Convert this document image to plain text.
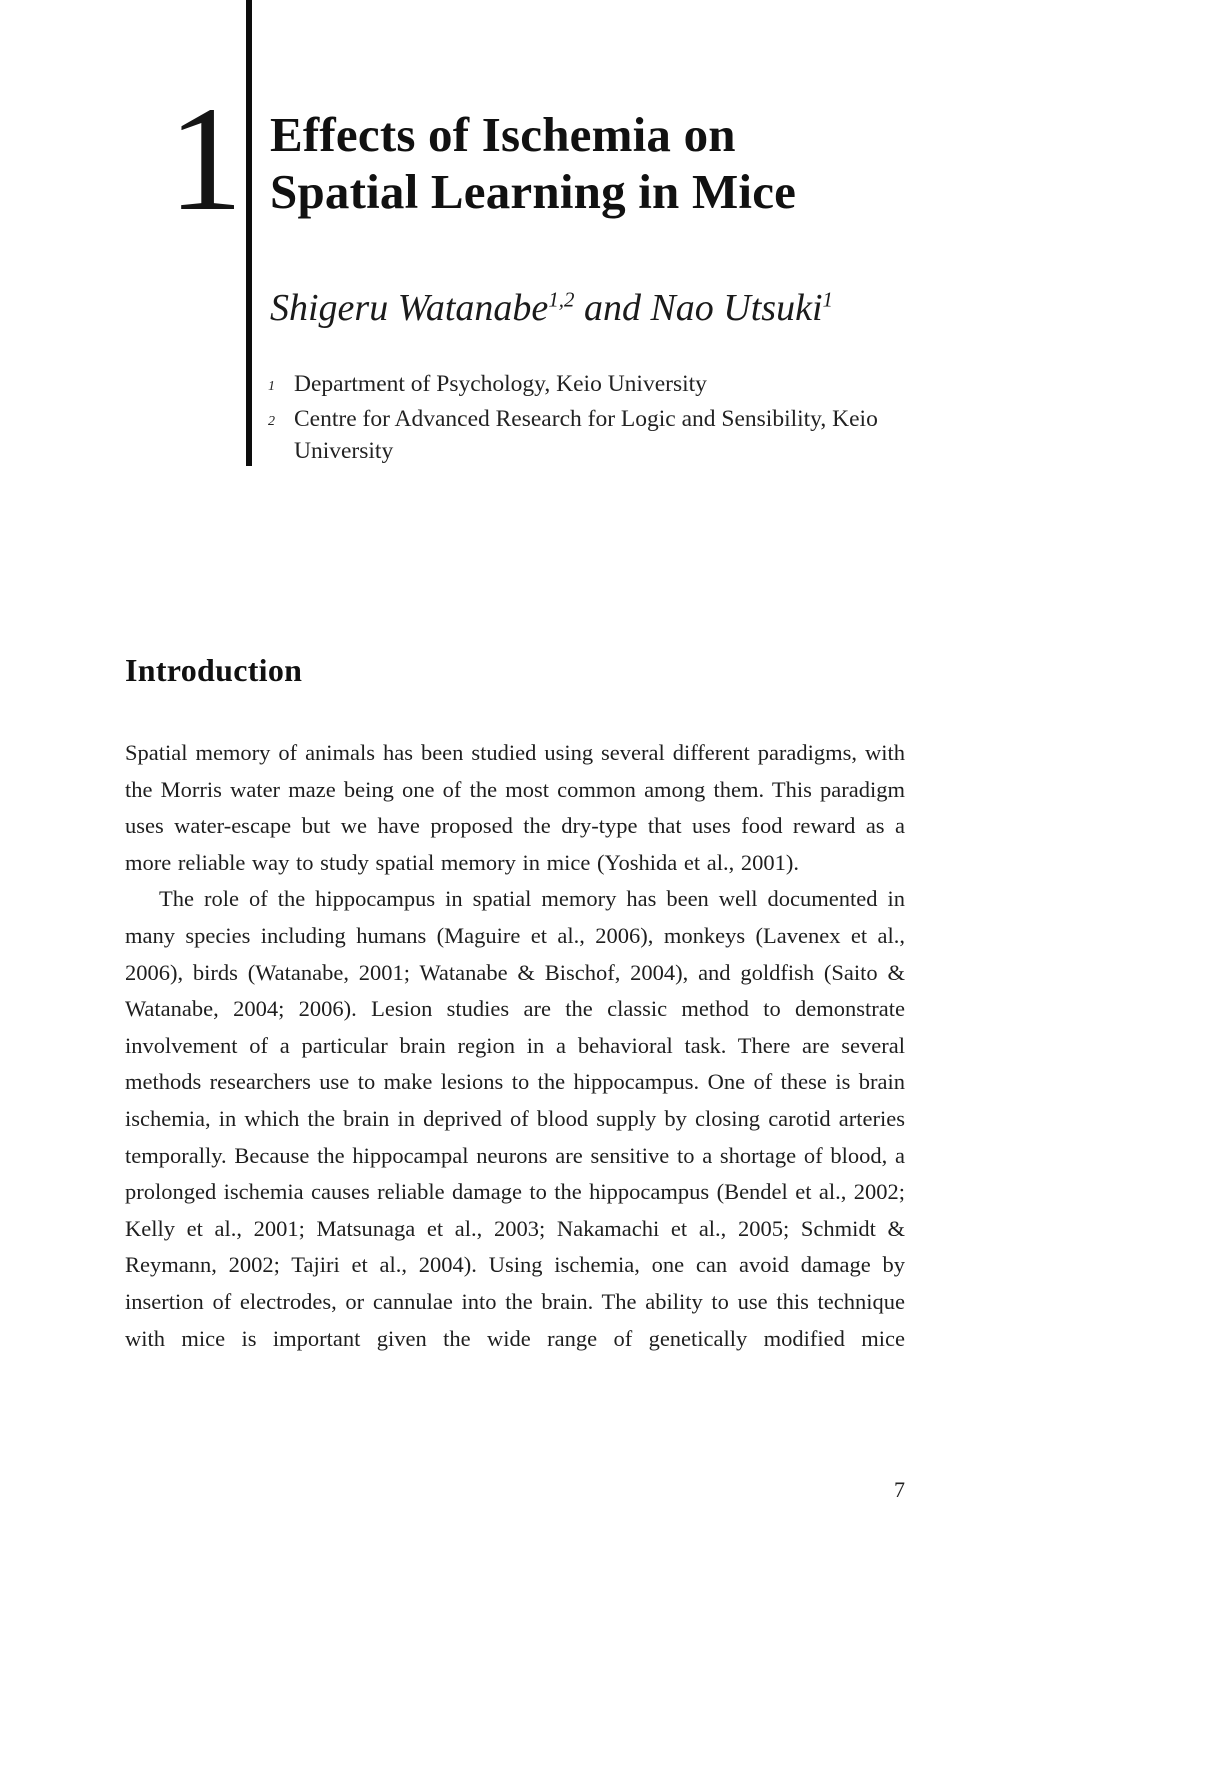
1 Effects of Ischemia on
Spatial Learning in Mice
Shigeru Watanabe$^{1,2}$ and Nao Utsuki$^1$
1 Department of Psychology, Keio University
2 Centre for Advanced Research for Logic and Sensibility, Keio University
Introduction

Spatial memory of animals has been studied using several different paradigms, with the Morris water maze being one of the most common among them. This paradigm uses water-escape but we have proposed the dry-type that uses food reward as a more reliable way to study spatial memory in mice (Yoshida et al., 2001).

The role of the hippocampus in spatial memory has been well documented in many species including humans (Maguire et al., 2006), monkeys (Lavenex et al., 2006), birds (Watanabe, 2001; Watanabe & Bischof, 2004), and goldfish (Saito & Watanabe, 2004; 2006). Lesion studies are the classic method to demonstrate involvement of a particular brain region in a behavioral task. There are several methods researchers use to make lesions to the hippocampus. One of these is brain ischemia, in which the brain in deprived of blood supply by closing carotid arteries temporally. Because the hippocampal neurons are sensitive to a shortage of blood, a prolonged ischemia causes reliable damage to the hippocampus (Bendel et al., 2002; Kelly et al., 2001; Matsunaga et al., 2003; Nakamachi et al., 2005; Schmidt & Reymann, 2002; Tajiri et al., 2004). Using ischemia, one can avoid damage by insertion of electrodes, or cannulae into the brain. The ability to use this technique with mice is important given the wide range of genetically modified mice

7
